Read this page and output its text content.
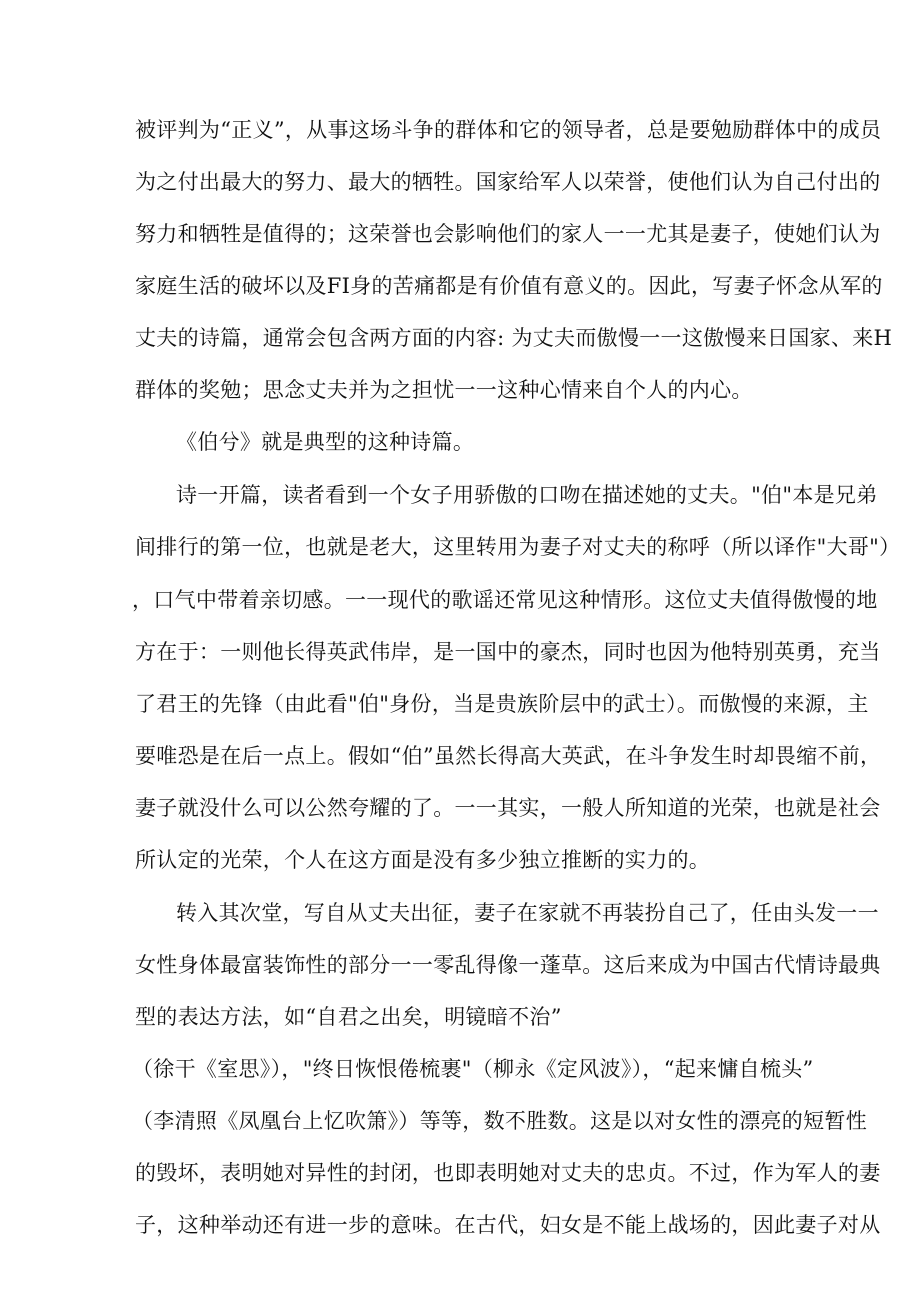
被评判为“正义”，从事这场斗争的群体和它的领导者，总是要勉励群体中的成员
为之付出最大的努力、最大的牺牲。国家给军人以荣誉，使他们认为自己付出的
努力和牺牲是值得的；这荣誉也会影响他们的家人一一尤其是妻子，使她们认为
家庭生活的破坏以及FI身的苦痛都是有价值有意义的。因此，写妻子怀念从军的
丈夫的诗篇，通常会包含两方面的内容: 为丈夫而傲慢一一这傲慢来日国家、来H
群体的奖勉；思念丈夫并为之担忧一一这种心情来自个人的内心。
《伯兮》就是典型的这种诗篇。
诗一开篇，读者看到一个女子用骄傲的口吻在描述她的丈夫。"伯"本是兄弟
间排行的第一位，也就是老大，这里转用为妻子对丈夫的称呼（所以译作"大哥"）
，口气中带着亲切感。一一现代的歌谣还常见这种情形。这位丈夫值得傲慢的地
方在于：一则他长得英武伟岸，是一国中的豪杰，同时也因为他特别英勇，充当
了君王的先锋（由此看"伯"身份，当是贵族阶层中的武士）。而傲慢的来源，主
要唯恐是在后一点上。假如“伯”虽然长得高大英武，在斗争发生时却畏缩不前，
妻子就没什么可以公然夸耀的了。一一其实，一般人所知道的光荣，也就是社会
所认定的光荣，个人在这方面是没有多少独立推断的实力的。
转入其次堂，写自从丈夫出征，妻子在家就不再装扮自己了，任由头发一一
女性身体最富装饰性的部分一一零乱得像一蓬草。这后来成为中国古代情诗最典
型的表达方法，如“自君之出矣，明镜暗不治”
（徐干《室思》），"终日恢恨倦梳裹"（柳永《定风波》），“起来慵自梳头”
（李清照《凤凰台上忆吹箫》）等等，数不胜数。这是以对女性的漂亮的短暂性
的毁坏，表明她对异性的封闭，也即表明她对丈夫的忠贞。不过，作为军人的妻
子，这种举动还有进一步的意味。在古代，妇女是不能上战场的，因此妻子对从
